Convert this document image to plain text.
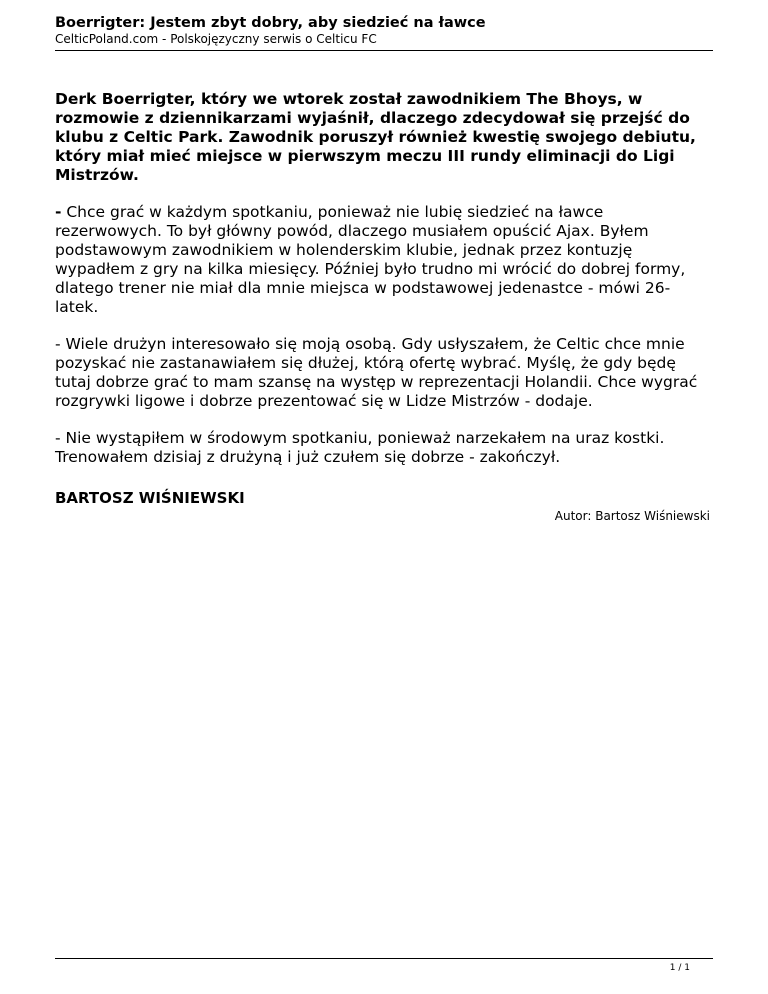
Boerrigter: Jestem zbyt dobry, aby siedzieć na ławce

CelticPoland.com - Polskojęzyczny serwis o Celticu FC

Derk Boerrigter, który we wtorek został zawodnikiem The Bhoys, w rozmowie z dziennikarzami wyjaśnił, dlaczego zdecydował się przejść do klubu z Celtic Park. Zawodnik poruszył również kwestię swojego debiutu, który miał mieć miejsce w pierwszym meczu III rundy eliminacji do Ligi Mistrzów.

- Chce grać w każdym spotkaniu, ponieważ nie lubię siedzieć na ławce rezerwowych. To był główny powód, dlaczego musiałem opuścić Ajax. Byłem podstawowym zawodnikiem w holenderskim klubie, jednak przez kontuzję wypadłem z gry na kilka miesięcy. Później było trudno mi wrócić do dobrej formy, dlatego trener nie miał dla mnie miejsca w podstawowej jedenastce - mówi 26-latek.

- Wiele drużyn interesowało się moją osobą. Gdy usłyszałem, że Celtic chce mnie pozyskać nie zastanawiałem się dłużej, którą ofertę wybrać. Myślę, że gdy będę tutaj dobrze grać to mam szansę na występ w reprezentacji Holandii. Chce wygrać rozgrywki ligowe i dobrze prezentować się w Lidze Mistrzów - dodaje.

- Nie wystąpiłem w środowym spotkaniu, ponieważ narzekałem na uraz kostki. Trenowałem dzisiaj z drużyną i już czułem się dobrze - zakończył.

BARTOSZ WIŚNIEWSKI

Autor: Bartosz Wiśniewski
1 / 1
